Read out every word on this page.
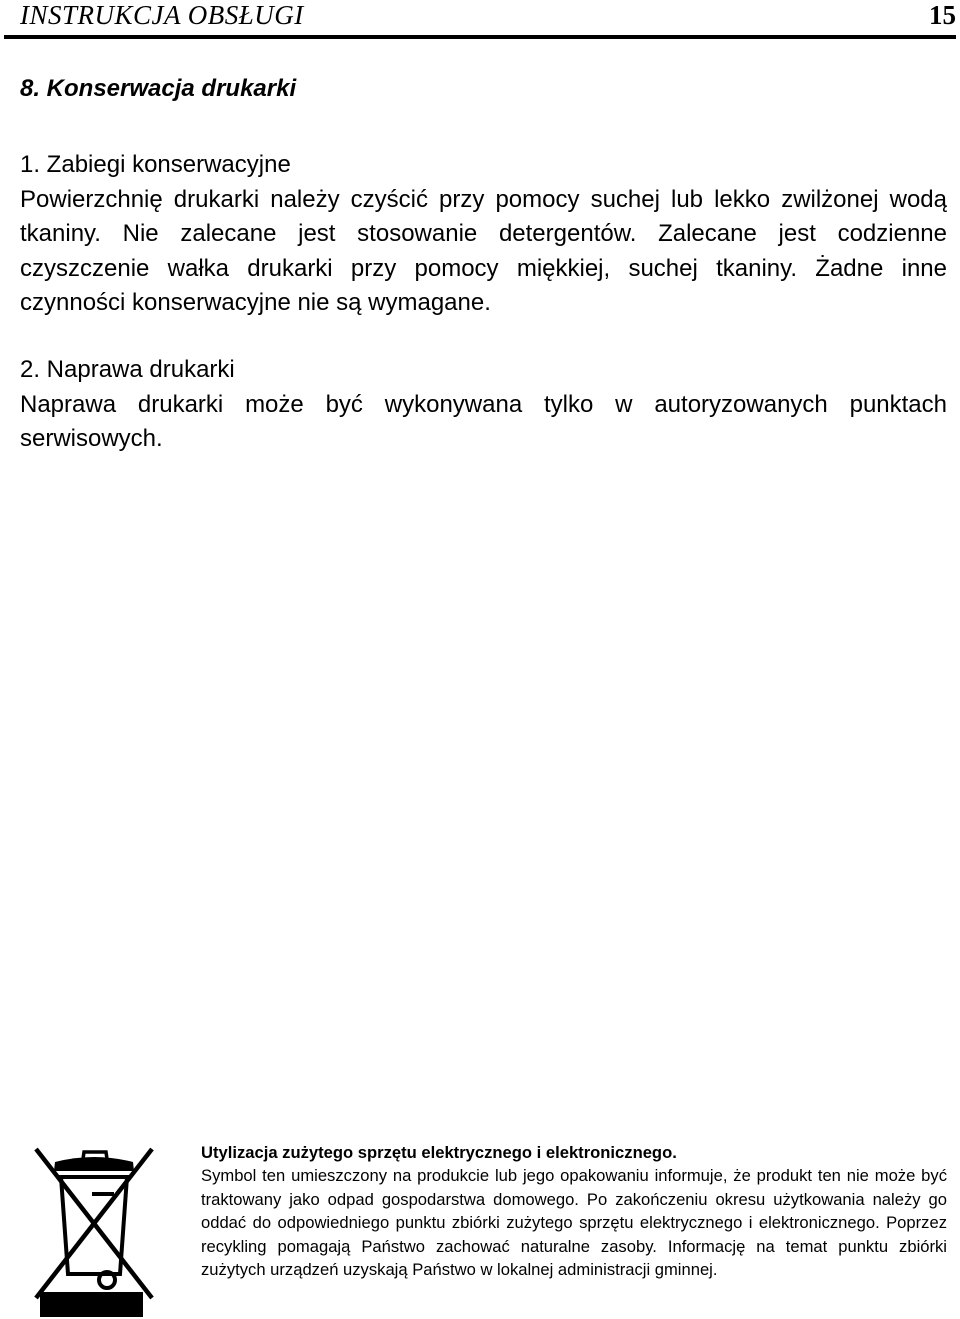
INSTRUKCJA OBSŁUGI	15
8. Konserwacja drukarki
1. Zabiegi konserwacyjne
Powierzchnię drukarki należy czyścić przy pomocy suchej lub lekko zwilżonej wodą tkaniny. Nie zalecane jest stosowanie detergentów. Zalecane jest codzienne czyszczenie wałka drukarki przy pomocy miękkiej, suchej tkaniny. Żadne inne czynności konserwacyjne nie są wymagane.
2. Naprawa drukarki
Naprawa drukarki może być wykonywana tylko w autoryzowanych punktach serwisowych.
Utylizacja zużytego sprzętu elektrycznego i elektronicznego.
Symbol ten umieszczony na produkcie lub jego opakowaniu informuje, że produkt ten nie może być traktowany jako odpad gospodarstwa domowego. Po zakończeniu okresu użytkowania należy go oddać do odpowiedniego punktu zbiórki zużytego sprzętu elektrycznego i elektronicznego. Poprzez recykling pomagają Państwo zachować naturalne zasoby. Informację na temat punktu zbiórki zużytych urządzeń uzyskają Państwo w lokalnej administracji gminnej.
